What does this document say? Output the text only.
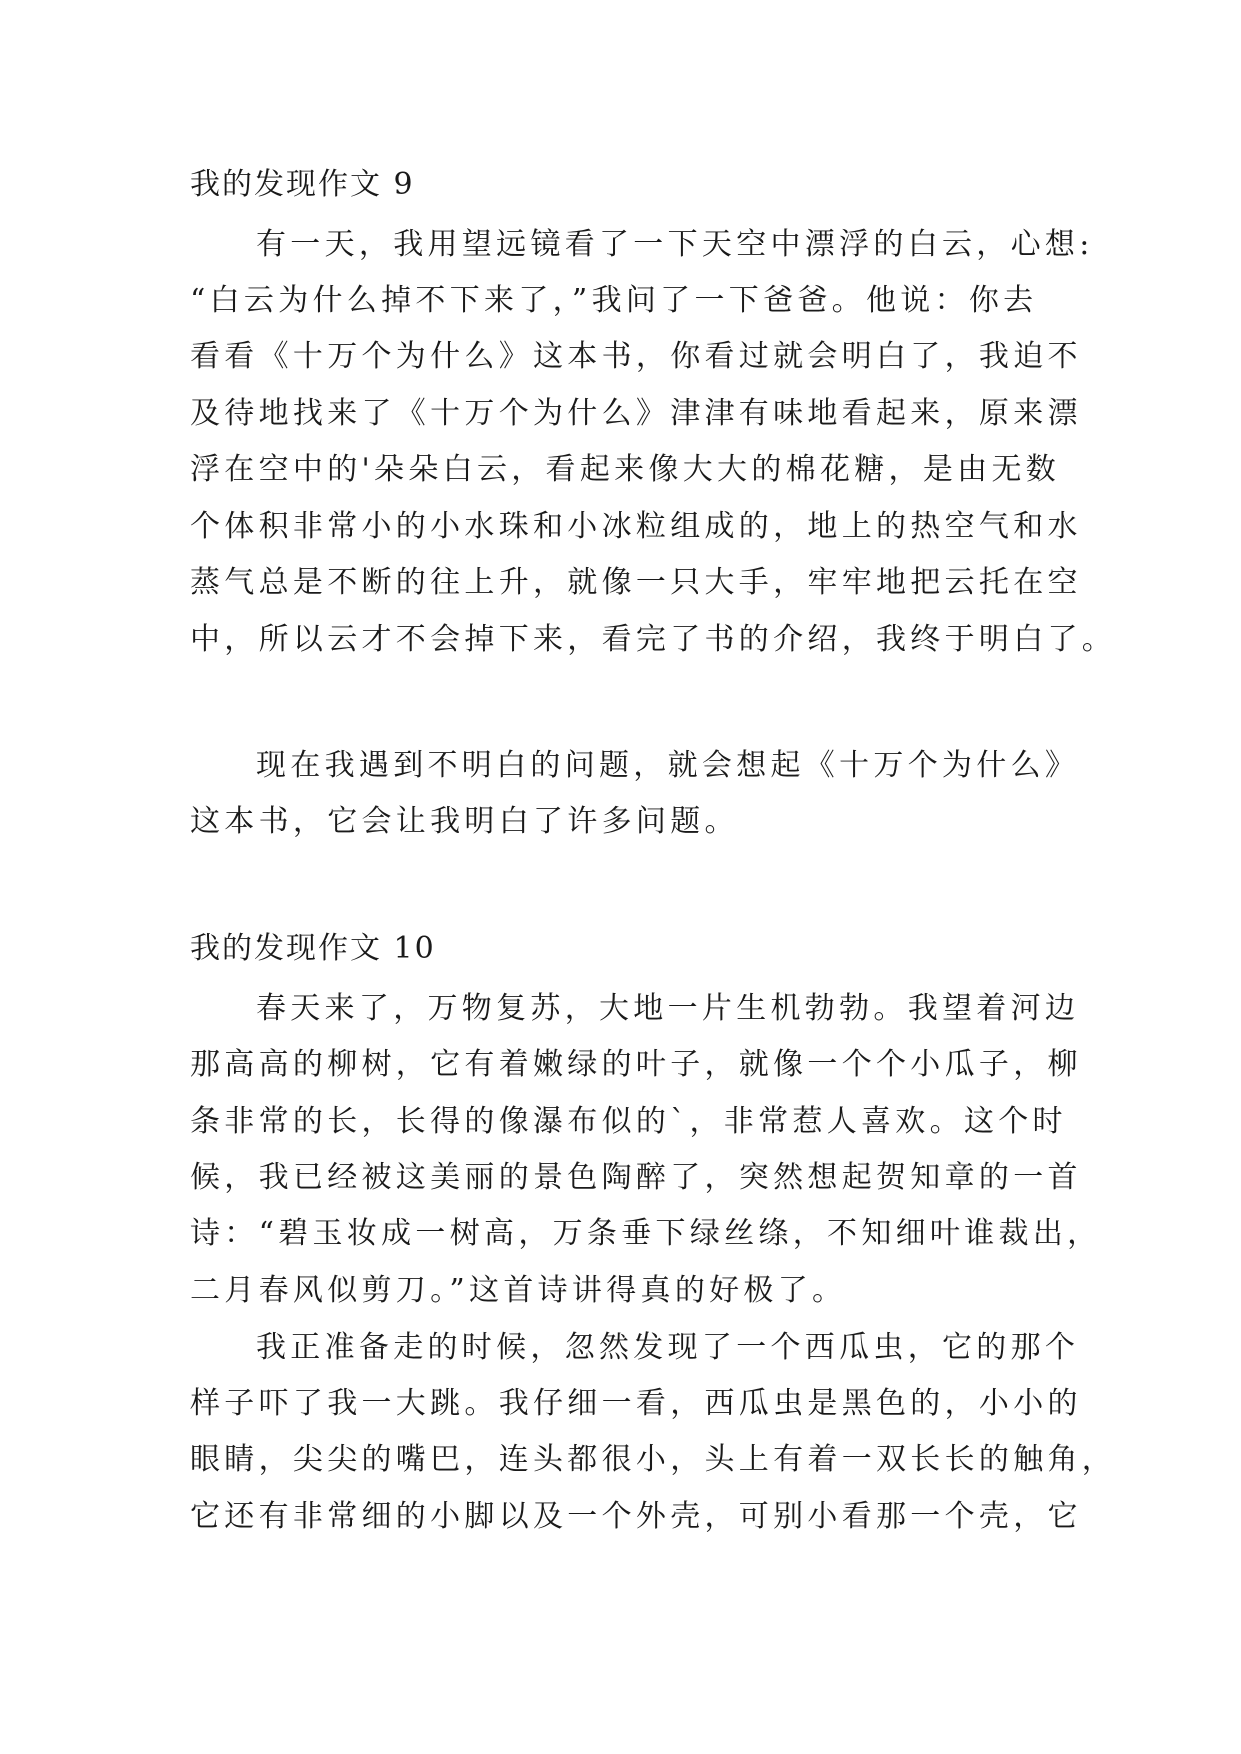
我的发现作文 9
有一天，我用望远镜看了一下天空中漂浮的白云，心想:
“白云为什么掉不下来了，”我问了一下爸爸。他说：你去
看看《十万个为什么》这本书，你看过就会明白了，我迫不
及待地找来了《十万个为什么》津津有味地看起来，原来漂
浮在空中的'朵朵白云，看起来像大大的棉花糖，是由无数
个体积非常小的小水珠和小冰粒组成的，地上的热空气和水
蒸气总是不断的往上升，就像一只大手，牢牢地把云托在空
中，所以云才不会掉下来，看完了书的介绍，我终于明白了。
现在我遇到不明白的问题，就会想起《十万个为什么》
这本书，它会让我明白了许多问题。
我的发现作文 10
春天来了，万物复苏，大地一片生机勃勃。我望着河边
那高高的柳树，它有着嫩绿的叶子，就像一个个小瓜子，柳
条非常的长，长得的像瀑布似的`，非常惹人喜欢。这个时
候，我已经被这美丽的景色陶醉了，突然想起贺知章的一首
诗：“碧玉妆成一树高，万条垂下绿丝绦，不知细叶谁裁出，
二月春风似剪刀。”这首诗讲得真的好极了。
我正准备走的时候，忽然发现了一个西瓜虫，它的那个
样子吓了我一大跳。我仔细一看，西瓜虫是黑色的，小小的
眼睛，尖尖的嘴巴，连头都很小，头上有着一双长长的触角，
它还有非常细的小脚以及一个外壳，可别小看那一个壳，它
